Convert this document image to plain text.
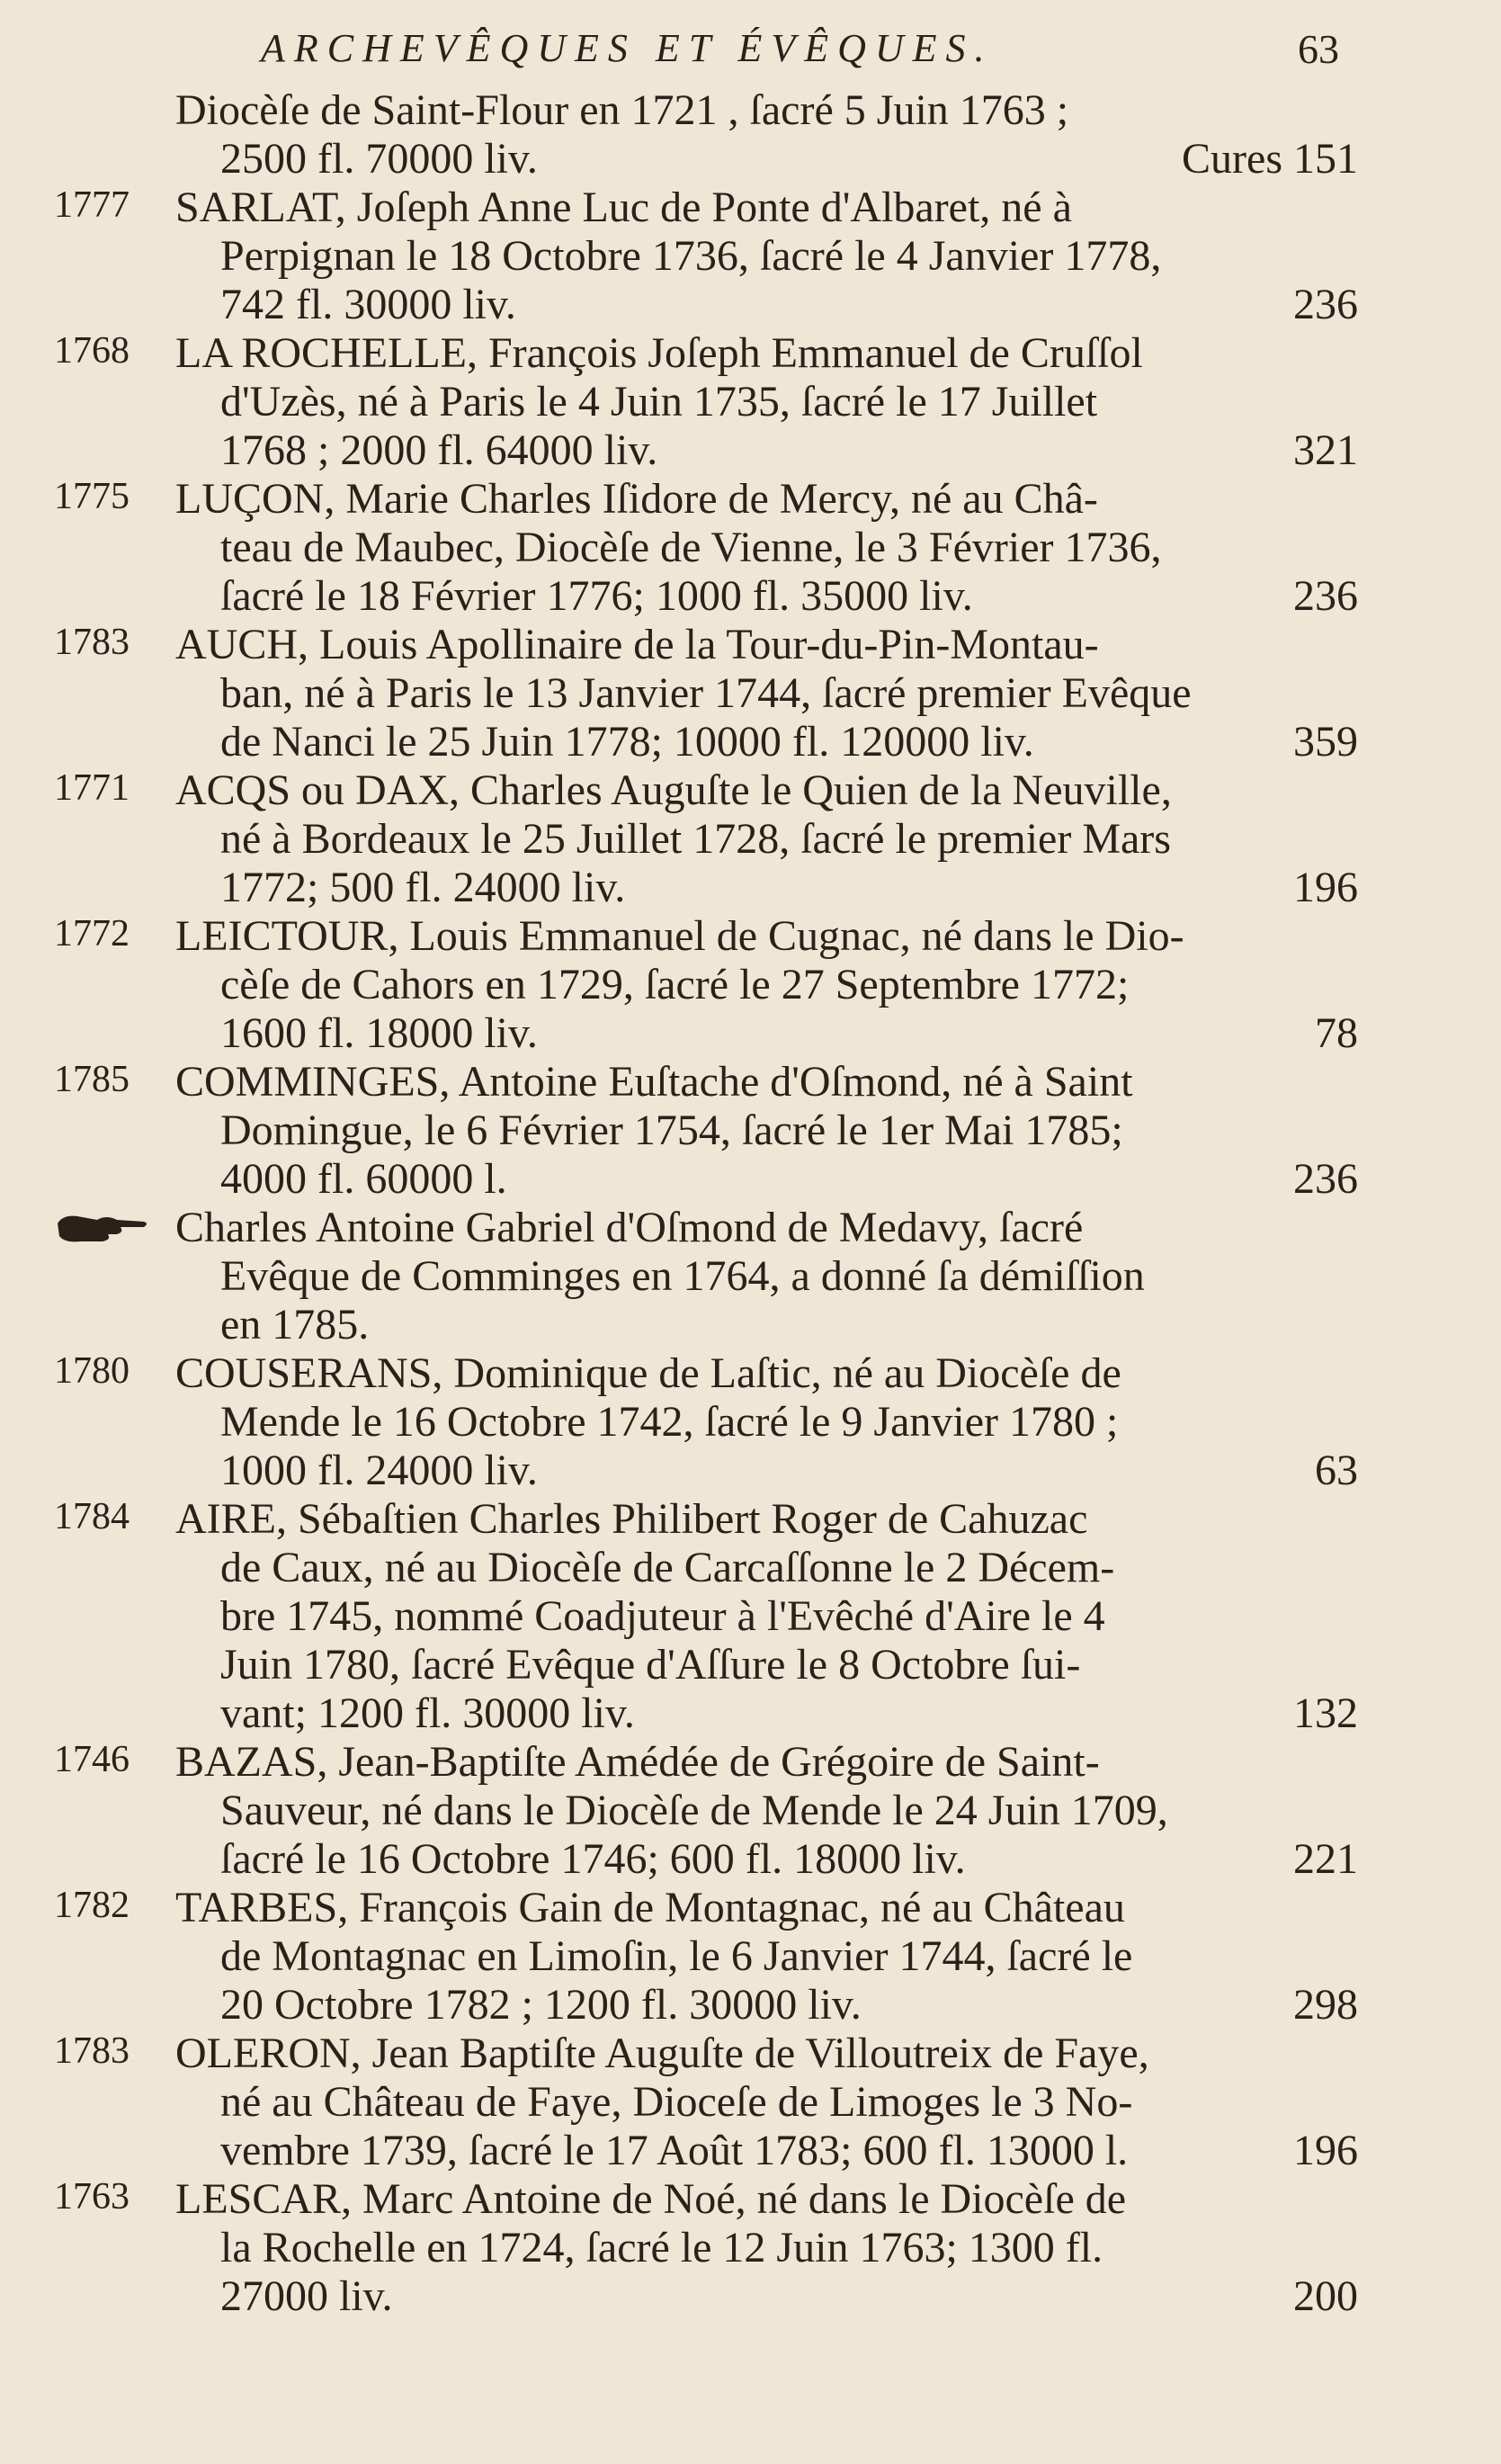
ARCHEVÊQUES ET ÉVÊQUES.	63
Diocèſe de Saint-Flour en 1721 , ſacré 5 Juin 1763 ;
2500 fl. 70000 liv.	Cures 151
1777	SARLAT, Joſeph Anne Luc de Ponte d'Albaret, né à
Perpignan le 18 Octobre 1736, ſacré le 4 Janvier 1778,
742 fl. 30000 liv.	236
1768	LA ROCHELLE, François Joſeph Emmanuel de Cruſſol
d'Uzès, né à Paris le 4 Juin 1735, ſacré le 17 Juillet
1768 ; 2000 fl. 64000 liv.	321
1775	LUÇON, Marie Charles Iſidore de Mercy, né au Châ-
teau de Maubec, Diocèſe de Vienne, le 3 Février 1736,
ſacré le 18 Février 1776; 1000 fl. 35000 liv.	236
1783	AUCH, Louis Apollinaire de la Tour-du-Pin-Montau-
ban, né à Paris le 13 Janvier 1744, ſacré premier Evêque
de Nanci le 25 Juin 1778; 10000 fl. 120000 liv.	359
1771	ACQS ou DAX, Charles Auguſte le Quien de la Neuville,
né à Bordeaux le 25 Juillet 1728, ſacré le premier Mars
1772; 500 fl. 24000 liv.	196
1772	LEICTOUR, Louis Emmanuel de Cugnac, né dans le Dio-
cèſe de Cahors en 1729, ſacré le 27 Septembre 1772;
1600 fl. 18000 liv.	78
1785	COMMINGES, Antoine Euſtache d'Oſmond, né à Saint
Domingue, le 6 Février 1754, ſacré le 1er Mai 1785;
4000 fl. 60000 l.	236
Charles Antoine Gabriel d'Oſmond de Medavy, ſacré
Evêque de Comminges en 1764, a donné ſa démiſſion
en 1785.
1780	COUSERANS, Dominique de Laſtic, né au Diocèſe de
Mende le 16 Octobre 1742, ſacré le 9 Janvier 1780 ;
1000 fl. 24000 liv.	63
1784	AIRE, Sébaſtien Charles Philibert Roger de Cahuzac
de Caux, né au Diocèſe de Carcaſſonne le 2 Décem-
bre 1745, nommé Coadjuteur à l'Evêché d'Aire le 4
Juin 1780, ſacré Evêque d'Aſſure le 8 Octobre ſui-
vant; 1200 fl. 30000 liv.	132
1746	BAZAS, Jean-Baptiſte Amédée de Grégoire de Saint-
Sauveur, né dans le Diocèſe de Mende le 24 Juin 1709,
ſacré le 16 Octobre 1746; 600 fl. 18000 liv.	221
1782	TARBES, François Gain de Montagnac, né au Château
de Montagnac en Limoſin, le 6 Janvier 1744, ſacré le
20 Octobre 1782 ; 1200 fl. 30000 liv.	298
1783	OLERON, Jean Baptiſte Auguſte de Villoutreix de Faye,
né au Château de Faye, Dioceſe de Limoges le 3 No-
vembre 1739, ſacré le 17 Août 1783; 600 fl. 13000 l.	196
1763	LESCAR, Marc Antoine de Noé, né dans le Diocèſe de
la Rochelle en 1724, ſacré le 12 Juin 1763; 1300 fl.
27000 liv.	200
